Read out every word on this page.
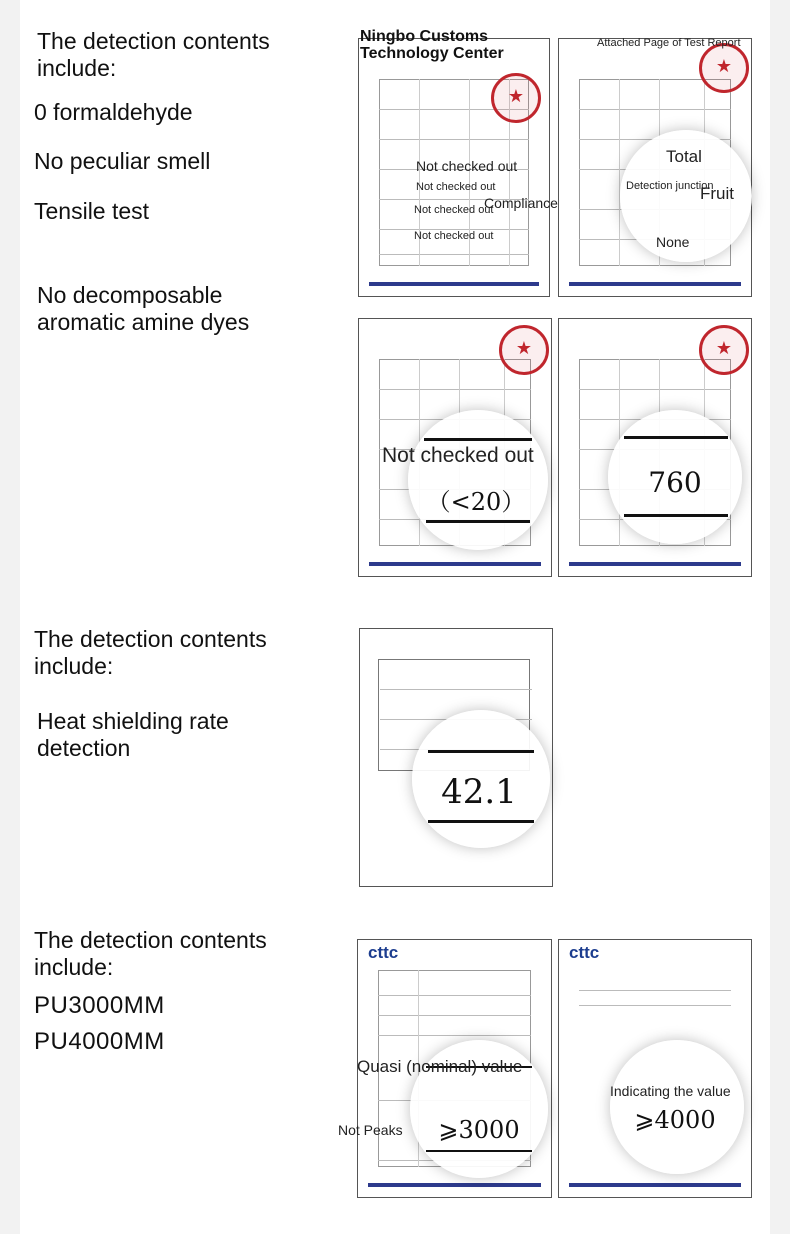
The detection contents include:
0 formaldehyde
No peculiar smell
Tensile test
No decomposable aromatic amine dyes
★
Ningbo Customs Technology Center
Not checked out
Not checked out
Not checked out
Not checked out
Compliance
★
Attached Page of Test Report
Total
Fruit
Detection junction
None
★
Not checked out
（<20）
★
760
The detection contents include:
Heat shielding rate detection
42.1
The detection contents include:
PU3000MM
PU4000MM
cttc
Quasi (nominal) value
Not Peaks	⩾3000
cttc
Indicating the value
⩾4000
